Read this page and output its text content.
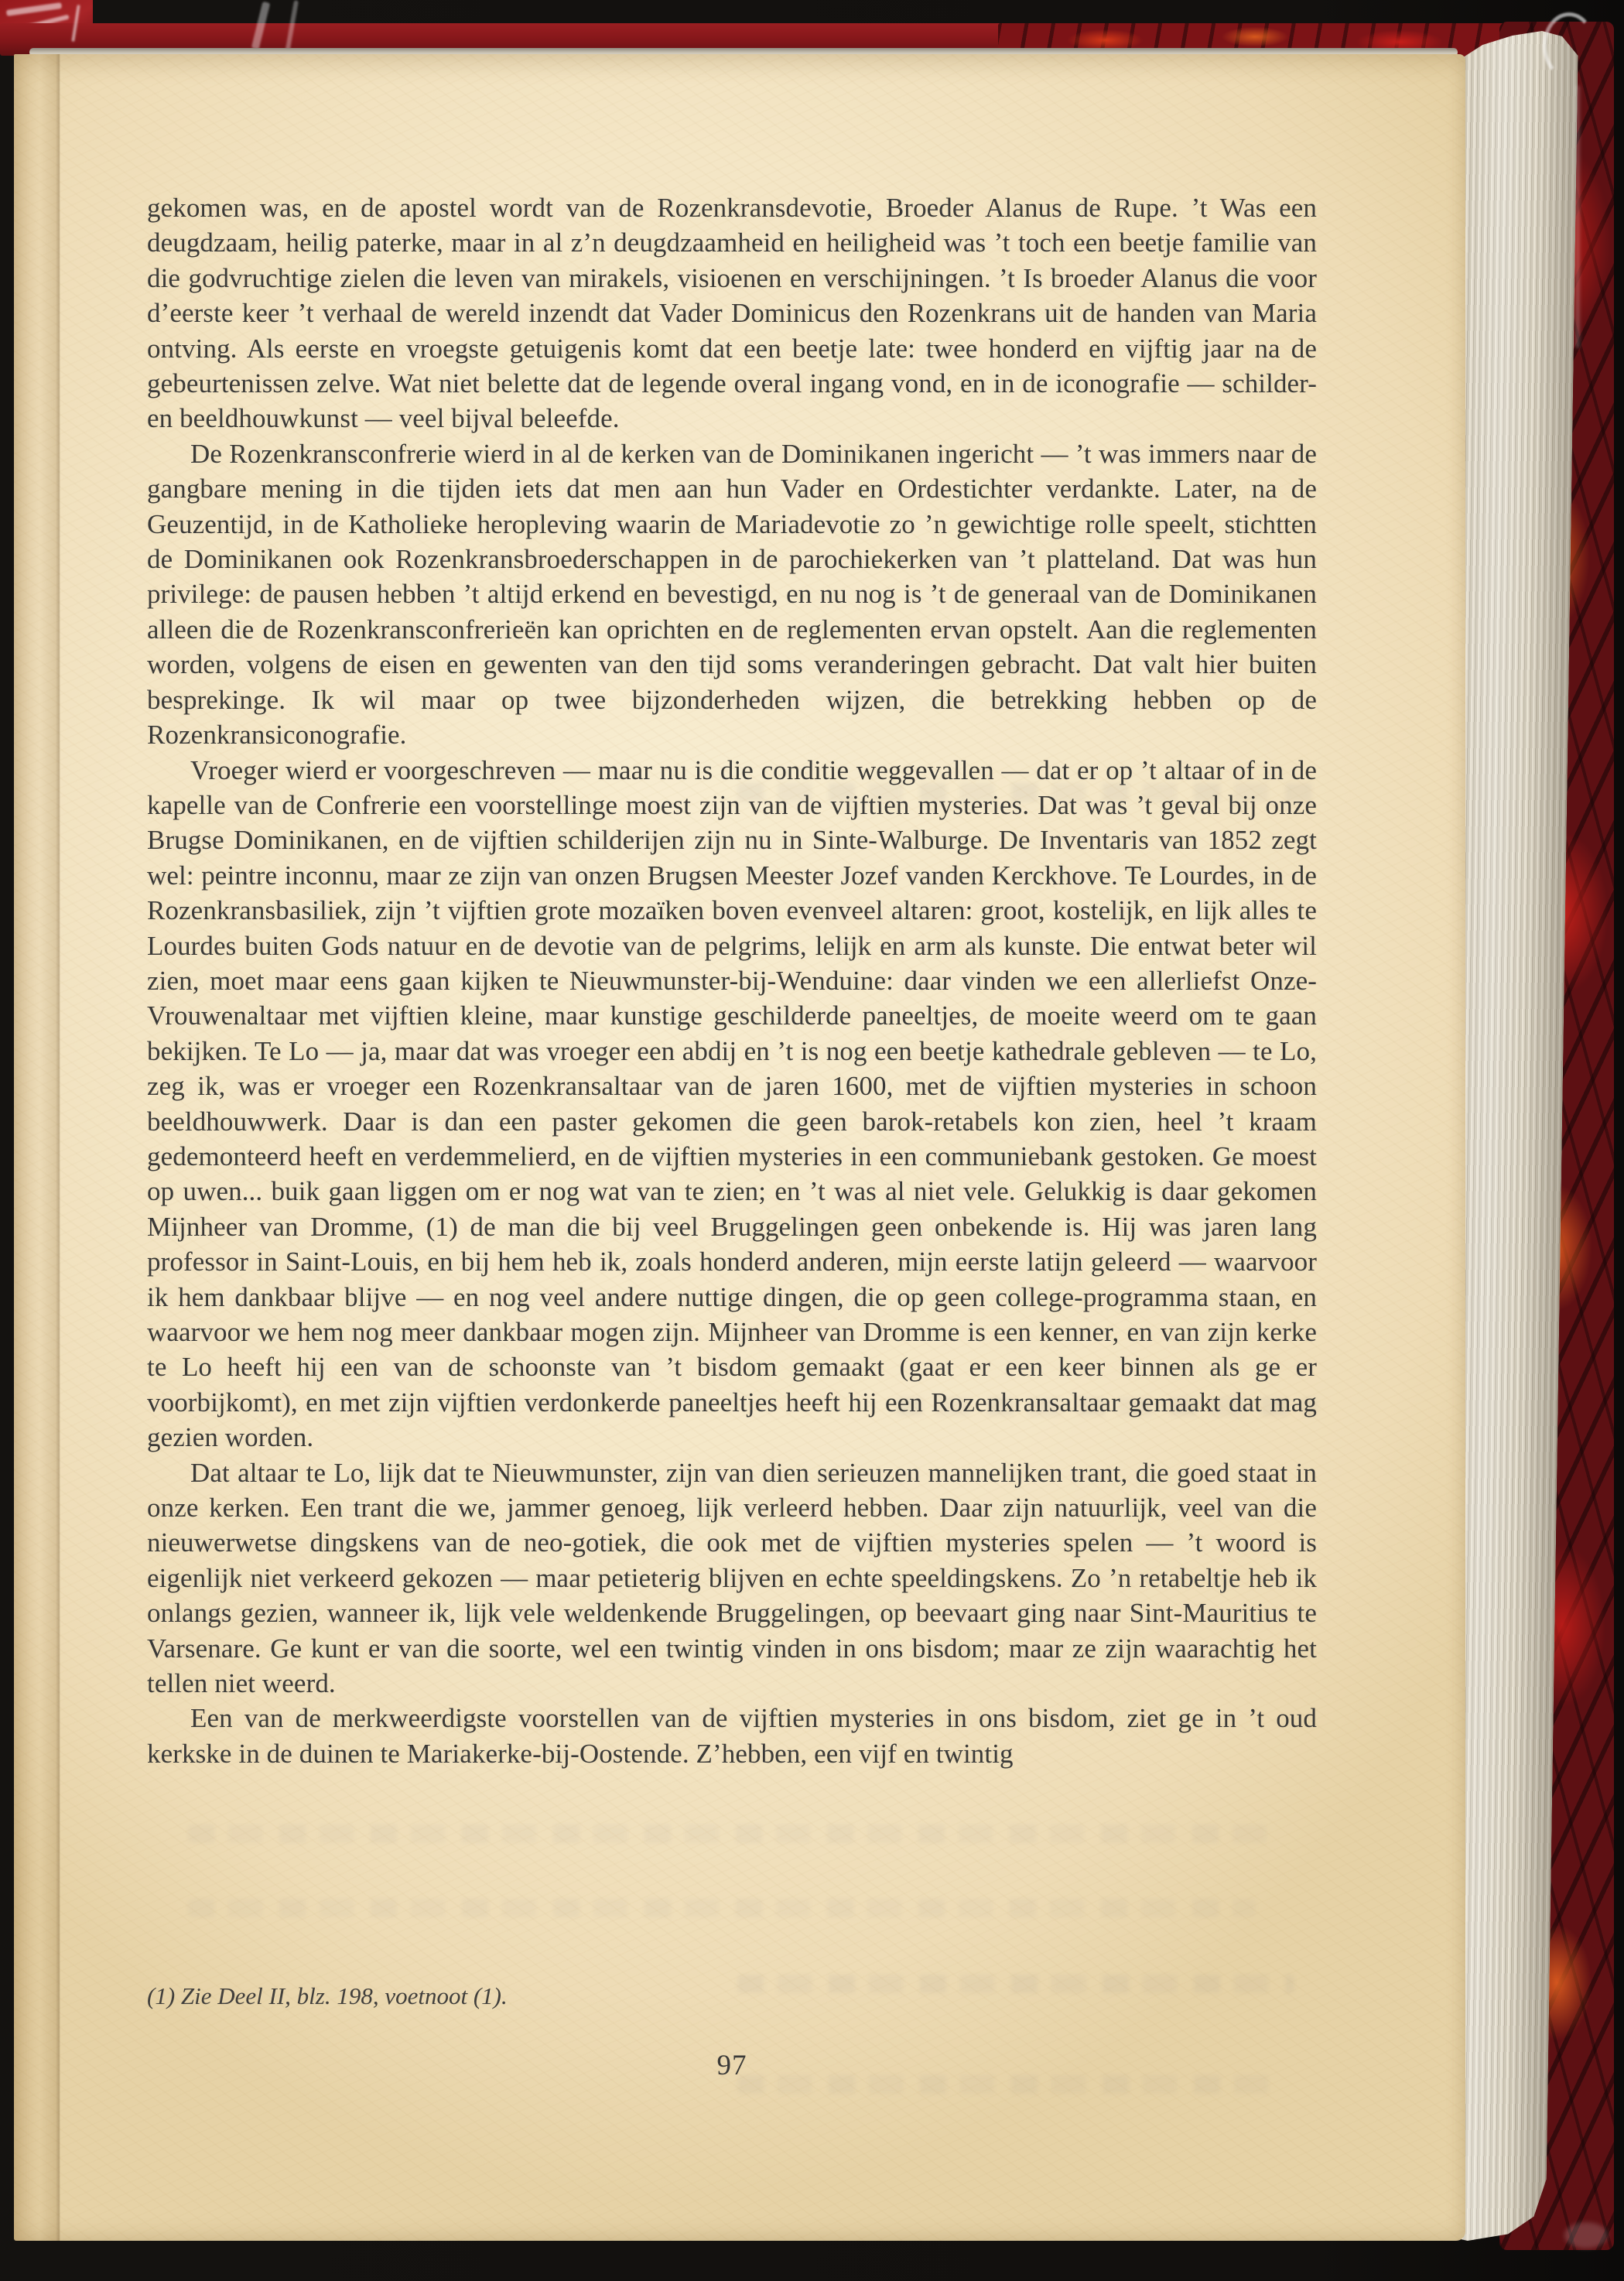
gekomen was, en de apostel wordt van de Rozenkransdevotie, Broeder Alanus de Rupe. ’t Was een deugdzaam, heilig paterke, maar in al z’n deugdzaamheid en heiligheid was ’t toch een beetje familie van die godvruchtige zielen die leven van mirakels, visioenen en verschijningen. ’t Is broeder Alanus die voor d’eerste keer ’t verhaal de wereld inzendt dat Vader Dominicus den Rozenkrans uit de handen van Maria ontving. Als eerste en vroegste getuigenis komt dat een beetje late: twee honderd en vijftig jaar na de gebeurtenissen zelve. Wat niet belette dat de legende overal ingang vond, en in de iconografie — schilder- en beeldhouwkunst — veel bijval beleefde.

De Rozenkransconfrerie wierd in al de kerken van de Dominikanen ingericht — ’t was immers naar de gangbare mening in die tijden iets dat men aan hun Vader en Ordestichter verdankte. Later, na de Geuzentijd, in de Katholieke heropleving waarin de Mariadevotie zo ’n gewichtige rolle speelt, stichtten de Dominikanen ook Rozenkransbroederschappen in de parochiekerken van ’t platteland. Dat was hun privilege: de pausen hebben ’t altijd erkend en bevestigd, en nu nog is ’t de generaal van de Dominikanen alleen die de Rozenkransconfrerieën kan oprichten en de reglementen ervan opstelt. Aan die reglementen worden, volgens de eisen en gewenten van den tijd soms veranderingen gebracht. Dat valt hier buiten besprekinge. Ik wil maar op twee bijzonderheden wijzen, die betrekking hebben op de Rozenkransiconografie.

Vroeger wierd er voorgeschreven — maar nu is die conditie weggevallen — dat er op ’t altaar of in de kapelle van de Confrerie een voorstellinge moest zijn van de vijftien mysteries. Dat was ’t geval bij onze Brugse Dominikanen, en de vijftien schilderijen zijn nu in Sinte-Walburge. De Inventaris van 1852 zegt wel: peintre inconnu, maar ze zijn van onzen Brugsen Meester Jozef vanden Kerckhove. Te Lourdes, in de Rozenkransbasiliek, zijn ’t vijftien grote mozaïken boven evenveel altaren: groot, kostelijk, en lijk alles te Lourdes buiten Gods natuur en de devotie van de pelgrims, lelijk en arm als kunste. Die entwat beter wil zien, moet maar eens gaan kijken te Nieuwmunster-bij-Wenduine: daar vinden we een allerliefst Onze-Vrouwenaltaar met vijftien kleine, maar kunstige geschilderde paneeltjes, de moeite weerd om te gaan bekijken. Te Lo — ja, maar dat was vroeger een abdij en ’t is nog een beetje kathedrale gebleven — te Lo, zeg ik, was er vroeger een Rozenkransaltaar van de jaren 1600, met de vijftien mysteries in schoon beeldhouwwerk. Daar is dan een paster gekomen die geen barok-retabels kon zien, heel ’t kraam gedemonteerd heeft en verdemmelierd, en de vijftien mysteries in een communiebank gestoken. Ge moest op uwen... buik gaan liggen om er nog wat van te zien; en ’t was al niet vele. Gelukkig is daar gekomen Mijnheer van Dromme, (1) de man die bij veel Bruggelingen geen onbekende is. Hij was jaren lang professor in Saint-Louis, en bij hem heb ik, zoals honderd anderen, mijn eerste latijn geleerd — waarvoor ik hem dankbaar blijve — en nog veel andere nuttige dingen, die op geen college-programma staan, en waarvoor we hem nog meer dankbaar mogen zijn. Mijnheer van Dromme is een kenner, en van zijn kerke te Lo heeft hij een van de schoonste van ’t bisdom gemaakt (gaat er een keer binnen als ge er voorbijkomt), en met zijn vijftien verdonkerde paneeltjes heeft hij een Rozenkransaltaar gemaakt dat mag gezien worden.

Dat altaar te Lo, lijk dat te Nieuwmunster, zijn van dien serieuzen mannelijken trant, die goed staat in onze kerken. Een trant die we, jammer genoeg, lijk verleerd hebben. Daar zijn natuurlijk, veel van die nieuwerwetse dingskens van de neo-gotiek, die ook met de vijftien mysteries spelen — ’t woord is eigenlijk niet verkeerd gekozen — maar petieterig blijven en echte speeldingskens. Zo ’n retabeltje heb ik onlangs gezien, wanneer ik, lijk vele weldenkende Bruggelingen, op beevaart ging naar Sint-Mauritius te Varsenare. Ge kunt er van die soorte, wel een twintig vinden in ons bisdom; maar ze zijn waarachtig het tellen niet weerd.

Een van de merkweerdigste voorstellen van de vijftien mysteries in ons bisdom, ziet ge in ’t oud kerkske in de duinen te Mariakerke-bij-Oostende. Z’hebben, een vijf en twintig

(1) Zie Deel II, blz. 198, voetnoot (1).
97
